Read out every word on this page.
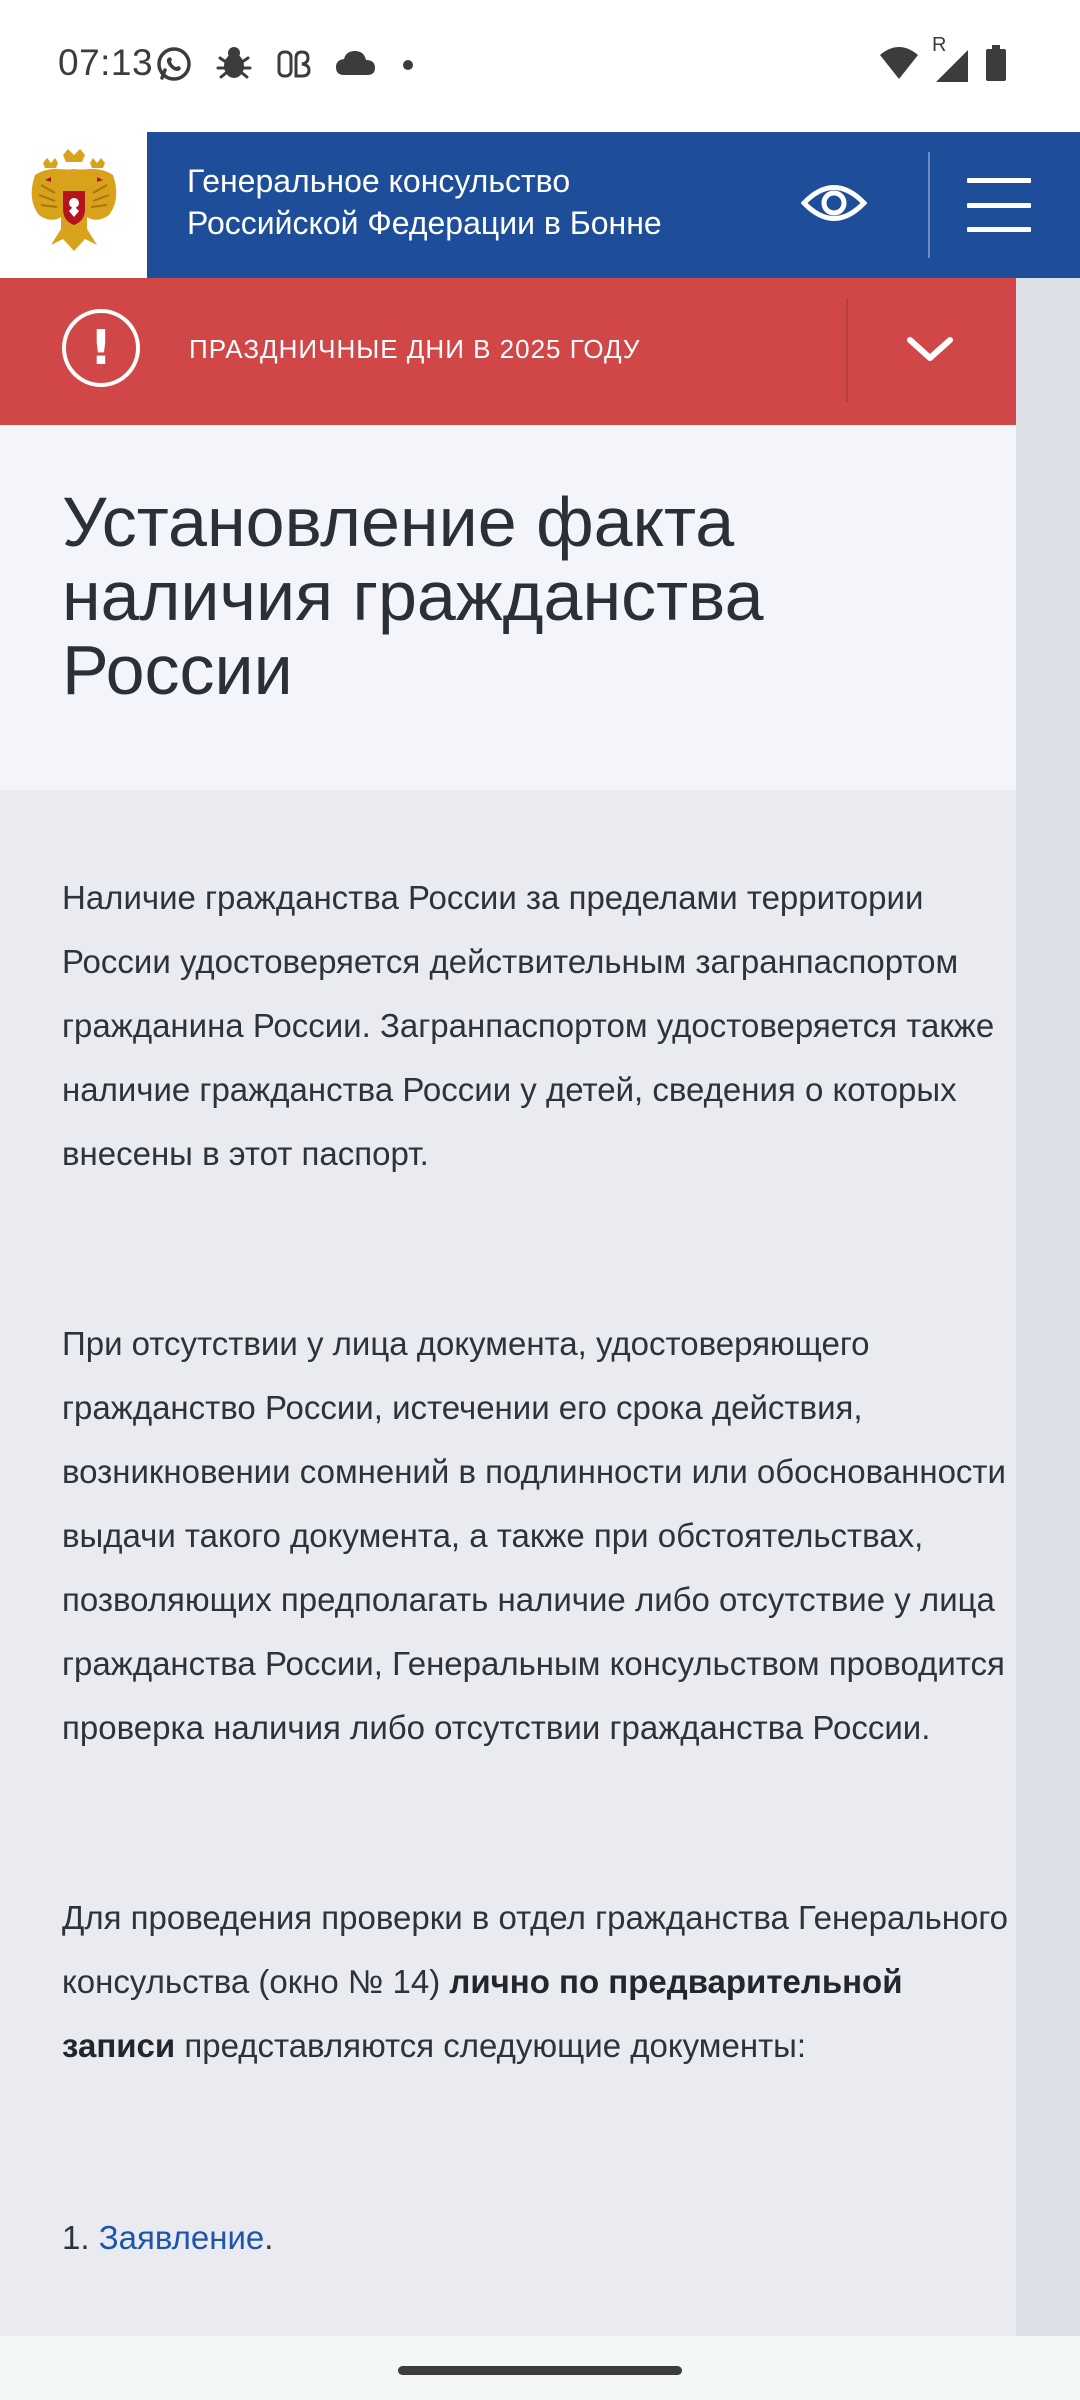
07:13	R
Генеральное консульство Российской Федерации в Бонне
!	ПРАЗДНИЧНЫЕ ДНИ В 2025 ГОДУ
Установление факта наличия гражданства России

Наличие гражданства России за пределами территории России удостоверяется действительным загранпаспортом гражданина России. Загранпаспортом удостоверяется также наличие гражданства России у детей, сведения о которых внесены в этот паспорт.

При отсутствии у лица документа, удостоверяющего гражданство России, истечении его срока действия, возникновении сомнений в подлинности или обоснованности выдачи такого документа, а также при обстоятельствах, позволяющих предполагать наличие либо отсутствие у лица гражданства России, Генеральным консульством проводится проверка наличия либо отсутствии гражданства России.

Для проведения проверки в отдел гражданства Генерального консульства (окно № 14) лично по предварительной записи представляются следующие документы:

1. Заявление.
